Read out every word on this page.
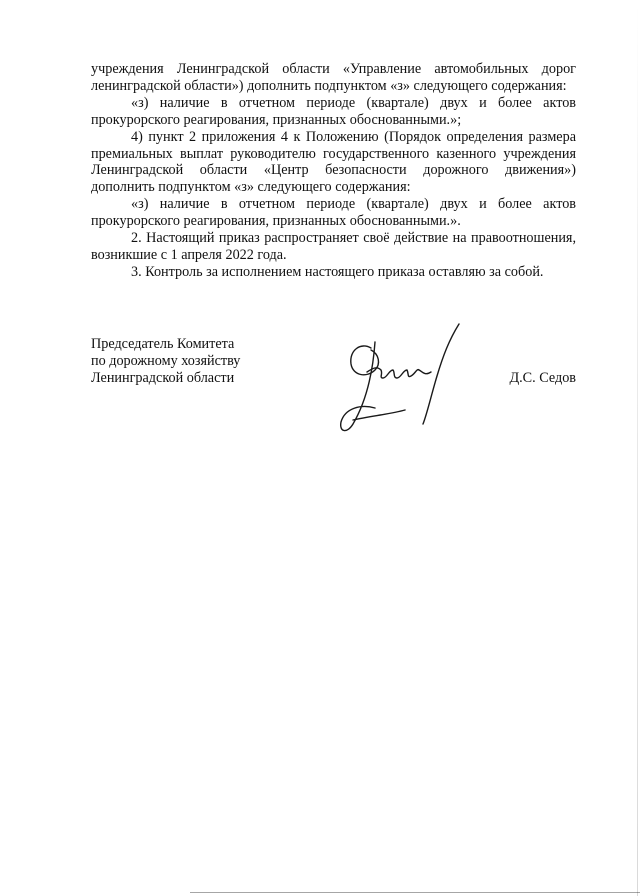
учреждения Ленинградской области «Управление автомобильных дорог ленинградской области») дополнить подпунктом «з» следующего содержания:

«з) наличие в отчетном периоде (квартале) двух и более актов прокурорского реагирования, признанных обоснованными.»;

4) пункт 2 приложения 4 к Положению (Порядок определения размера премиальных выплат руководителю государственного казенного учреждения Ленинградской области «Центр безопасности дорожного движения») дополнить подпунктом «з» следующего содержания:

«з) наличие в отчетном периоде (квартале) двух и более актов прокурорского реагирования, признанных обоснованными.».

2. Настоящий приказ распространяет своё действие на правоотношения, возникшие с 1 апреля 2022 года.

3. Контроль за исполнением настоящего приказа оставляю за собой.

Председатель Комитета
по дорожному хозяйству
Ленинградской области	Д.С. Седов
